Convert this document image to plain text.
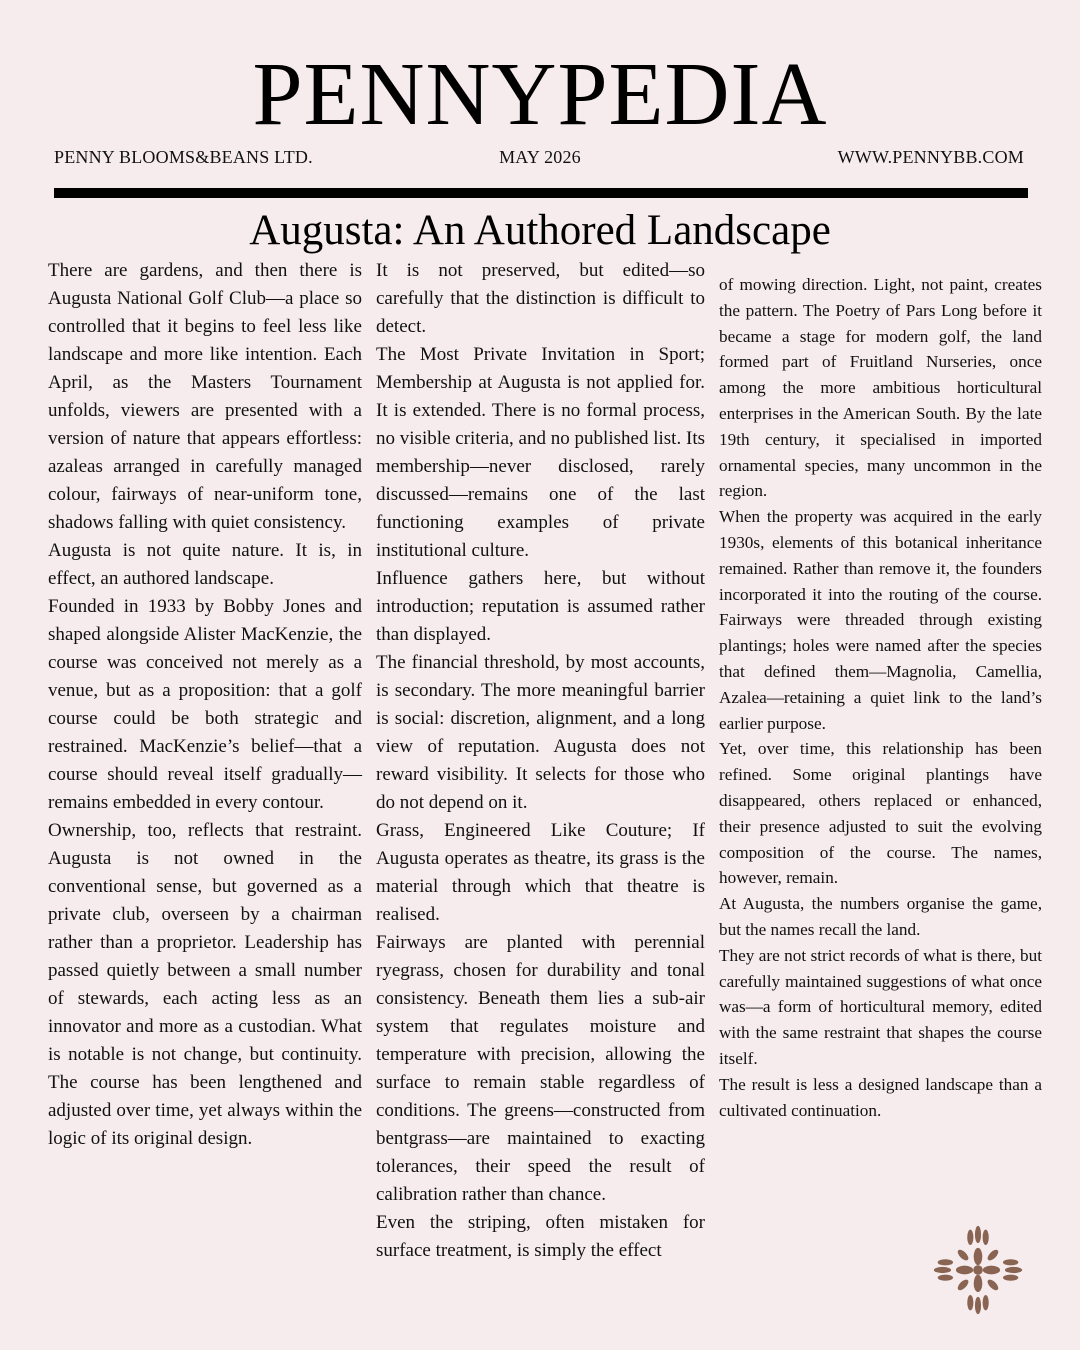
PENNYPEDIA
PENNY BLOOMS&BEANS LTD.	MAY 2026	WWW.PENNYBB.COM
Augusta: An Authored Landscape

There are gardens, and then there is Augusta National Golf Club—a place so controlled that it begins to feel less like landscape and more like intention. Each April, as the Masters Tournament unfolds, viewers are presented with a version of nature that appears effortless: azaleas arranged in carefully managed colour, fairways of near-uniform tone, shadows falling with quiet consistency.

Augusta is not quite nature. It is, in effect, an authored landscape.

Founded in 1933 by Bobby Jones and shaped alongside Alister MacKenzie, the course was conceived not merely as a venue, but as a proposition: that a golf course could be both strategic and restrained. MacKenzie’s belief—that a course should reveal itself gradually—remains embedded in every contour.

Ownership, too, reflects that restraint. Augusta is not owned in the conventional sense, but governed as a private club, overseen by a chairman rather than a proprietor. Leadership has passed quietly between a small number of stewards, each acting less as an innovator and more as a custodian. What is notable is not change, but continuity. The course has been lengthened and adjusted over time, yet always within the logic of its original design.

It is not preserved, but edited—so carefully that the distinction is difficult to detect.

The Most Private Invitation in Sport; Membership at Augusta is not applied for. It is extended. There is no formal process, no visible criteria, and no published list. Its membership—never disclosed, rarely discussed—remains one of the last functioning examples of private institutional culture.

Influence gathers here, but without introduction; reputation is assumed rather than displayed.

The financial threshold, by most accounts, is secondary. The more meaningful barrier is social: discretion, alignment, and a long view of reputation. Augusta does not reward visibility. It selects for those who do not depend on it.

Grass, Engineered Like Couture; If Augusta operates as theatre, its grass is the material through which that theatre is realised.

Fairways are planted with perennial ryegrass, chosen for durability and tonal consistency. Beneath them lies a sub-air system that regulates moisture and temperature with precision, allowing the surface to remain stable regardless of conditions. The greens—constructed from bentgrass—are maintained to exacting tolerances, their speed the result of calibration rather than chance.

Even the striping, often mistaken for surface treatment, is simply the effect

of mowing direction. Light, not paint, creates the pattern. The Poetry of Pars Long before it became a stage for modern golf, the land formed part of Fruitland Nurseries, once among the more ambitious horticultural enterprises in the American South. By the late 19th century, it specialised in imported ornamental species, many uncommon in the region.

When the property was acquired in the early 1930s, elements of this botanical inheritance remained. Rather than remove it, the founders incorporated it into the routing of the course. Fairways were threaded through existing plantings; holes were named after the species that defined them—Magnolia, Camellia, Azalea—retaining a quiet link to the land’s earlier purpose.

Yet, over time, this relationship has been refined. Some original plantings have disappeared, others replaced or enhanced, their presence adjusted to suit the evolving composition of the course. The names, however, remain.

At Augusta, the numbers organise the game, but the names recall the land.

They are not strict records of what is there, but carefully maintained suggestions of what once was—a form of horticultural memory, edited with the same restraint that shapes the course itself.

The result is less a designed landscape than a cultivated continuation.
